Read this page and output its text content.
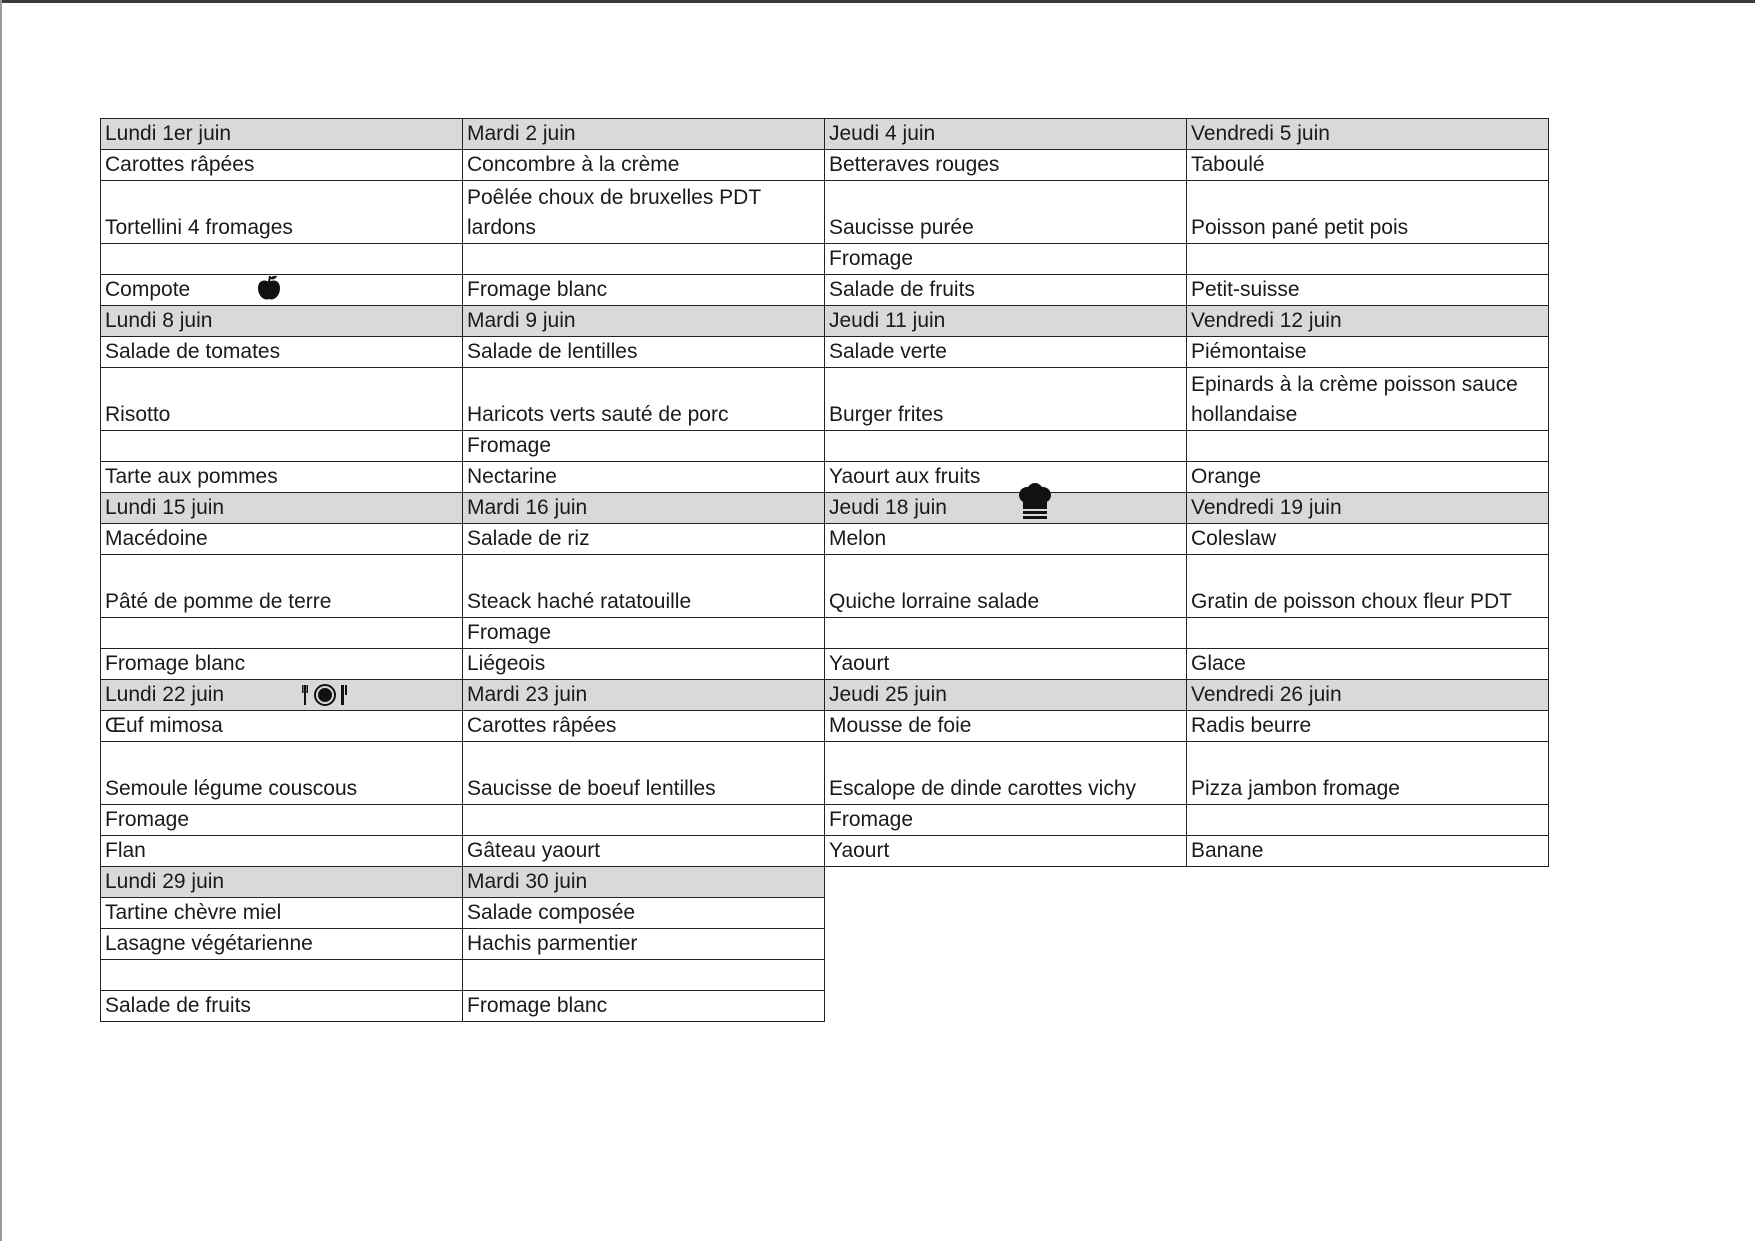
Lundi 1er juin	Mardi 2 juin	Jeudi 4 juin	Vendredi 5 juin
Carottes râpées	Concombre à la crème	Betteraves rouges	Taboulé
Tortellini 4 fromages	Poêlée choux de bruxelles PDT lardons	Saucisse purée	Poisson pané petit pois
		Fromage	
Compote	Fromage blanc	Salade de fruits	Petit-suisse
Lundi 8 juin	Mardi 9 juin	Jeudi 11 juin	Vendredi 12 juin
Salade de tomates	Salade de lentilles	Salade verte	Piémontaise
Risotto	Haricots verts sauté de porc	Burger frites	Epinards à la crème poisson sauce hollandaise
	Fromage		
Tarte aux pommes	Nectarine	Yaourt aux fruits	Orange
Lundi 15 juin	Mardi 16 juin	Jeudi 18 juin	Vendredi 19 juin
Macédoine	Salade de riz	Melon	Coleslaw
Pâté de pomme de terre	Steack haché ratatouille	Quiche lorraine salade	Gratin de poisson choux fleur PDT
	Fromage		
Fromage blanc	Liégeois	Yaourt	Glace
Lundi 22 juin	Mardi 23 juin	Jeudi 25 juin	Vendredi 26 juin
Œuf mimosa	Carottes râpées	Mousse de foie	Radis beurre
Semoule légume couscous	Saucisse de boeuf lentilles	Escalope de dinde carottes vichy	Pizza jambon fromage
Fromage		Fromage	
Flan	Gâteau yaourt	Yaourt	Banane
Lundi 29 juin	Mardi 30 juin		
Tartine chèvre miel	Salade composée		
Lasagne végétarienne	Hachis parmentier		

Salade de fruits	Fromage blanc		
